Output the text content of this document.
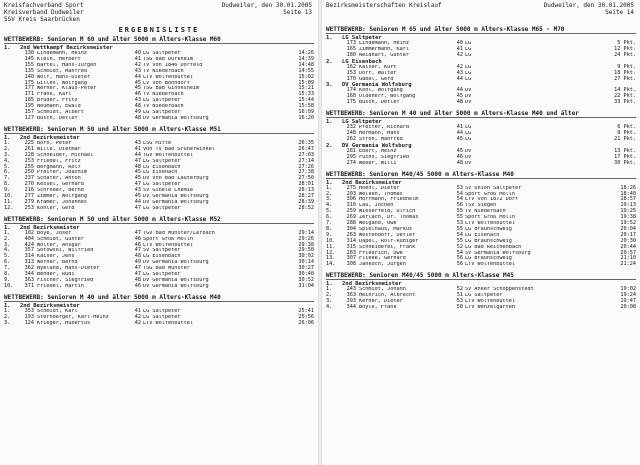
Kreisfachverband Sport
Kreisverband Dudweiler
SSV Kreis Saarbrücken
Dudweiler, den 30.01.2005
Seite 13
ERGEBNISLISTE
WETTBEWERB: Senioren M 60 und älter 5000 m Alters-Klasse M60
1.	2nd Wettkampf Bezirksmeister
130 Lindemann, Heinz	40 LG Saltpeter	14:26
145 Klein, Herbert	41 TSG Bad Dürkheim	14:39
155 Bartel, Hans-Jürgen	42 TV von 1846 Dorfeld	14:48
135 Schmidt, Manfred	43 TV Niederbach	14:55
140 Wolf, Hans-Dieter	44 LTV Wolfenbüttel	15:02
175 Gilles, Wolfgang	45 LV von Bonndorf	15:09
177 Werner, Klaus-Peter	45 TSG Bad Ginnesheim	15:21
171 Frank, Karl	46 TV Niederbach	15:33
185 Bruder, Fritz	43 LG Saltpeter	15:44
195 Neumann, Ewald	48 TV Niederbach	15:58
157 Schmidt, Albert	49 LG Saltpeter	16:09
127 Busch, Detlef	48 DV Germania Wolfsburg	16:20
WETTBEWERB: Senioren M 50 und älter 5000 m Alters-Klasse M51
1.	2nd Bezirksmeister
1.	225 Born, Peter	43 LSG Mitte	26:35
2.	261 Wille, Dietmar	41 von TV Bad Grünerwinkel	26:47
3.	228 Schneider, Michael	44 TGV Wolfenbüttel	27:03
4.	253 Friedel, Fritz	47 LG Saltpeter	27:14
5.	255 Bergmann, Rolf	48 LG Eisenbach	27:26
6.	250 Pfeifer, Joachim	45 LG Eisenach	27:38
7.	237 Schäfer, Anton	45 DV von Bad Lauterburg	27:50
8.	270 Kessel, Gerhard	47 LG Saltpeter	28:01
9.	216 Schröder, Bernd	43 SV Gibele Chemie	28:13
10.	277 Zimmer, Wolfgang	45 DV Germania Wolfsburg	28:27
11.	279 Kramer, Johannes	44 DV Germania Wolfsburg	28:39
12.	253 Köhler, Gerd	47 LG Saltpeter	28:52
WETTBEWERB: Senioren M 50 und älter 5000 m Alters-Klasse M52
1.	2nd Bezirksmeister
1.	102 Boyé, Josef	47 TGV Bad Münster/Lerbach	29:14
2.	404 Schmidt, Günter	46 Sport Groß Mölln	29:26
3.	424 Wolter, Ansgar	46 LTV Wolfenbüttel	29:38
4.	357 Sotowski, Wilfried	47 SV Saltpeter	29:50
5.	314 Kaiser, Jens	48 LG Eisenbach	30:02
6.	313 Werner, Bernd	49 DV Germania Wolfsburg	30:14
7.	362 Nyeland, Hans-Dieter	47 TSG Bad Münster	30:27
8.	344 Bender, Rudi	47 LG Saltpeter	30:40
9.	363 Fischer, Siegfried	48 DV Germania Wolfsburg	30:52
10.	371 Friedel, Martin	46 DV Germania Wolfsburg	31:04
WETTBEWERB: Senioren M 40 und älter 5000 m Alters-Klasse M40
1.	2nd Bezirksmeister
1.	353 Schmidt, Karl	41 LG Saltpeter	25:41
2.	193 Sternberger, Karl-Heinz	42 LG Saltpeter	25:56
3.	124 Krieger, Hubertus	42 LTV Wolfenbüttel	26:06
Bezirksmeisterschaften Kreislauf	Dudweiler, den 30.01.2005
Seite 14
WETTBEWERB: Senioren M 65 und älter 5000 m Alters-Klasse M65 - M70
1.	LG Saltpeter
173 Lindemann, Heinz	40 LG	5 Pkt.
165 Zimmermann, Karl	41 LG	12 Pkt.
180 Neidhart, Günter	42 LG	24 Pkt.
2.	LG Eisenbach
162 Kaiser, Kurt	42 LG	9 Pkt.
153 Dörr, Walter	43 LG	18 Pkt.
170 Gabel, Gerd	44 LG	27 Pkt.
3.	DV Germania Wolfsburg
174 Kohl, Wolfgang	44 DV	14 Pkt.
168 Oldeherr, Wolfgang	45 DV	22 Pkt.
175 Busch, Detlef	48 DV	33 Pkt.
WETTBEWERB: Senioren M 40 und älter 5000 m Alters-Klasse M40 und älter
1.	LG Saltpeter
232 Pfeifer, Richard	41 LG	6 Pkt.
248 Hermann, Hans	44 LG	9 Pkt.
262 Stroh, Manfred	45 LG	21 Pkt.
2.	DV Germania Wolfsburg
281 Ebert, Heinz	45 DV	13 Pkt.
295 Fuchs, Siegfried	46 DV	17 Pkt.
274 Weber, Willi	48 DV	30 Pkt.
WETTBEWERB: Senioren M40/45 5000 m Alters-Klasse M40
1.	2nd Bezirksmeister
1.	275 Hoehl, Dieter	53 SV Union Saltpeter	18:26
2.	203 Welken, Thomas	54 Sport Groß Mölln	18:40
3.	306 Hoffmann, Friedhelm	54 LTV von 1872 Dorf	18:57
4.	310 Lau, Jochen	56 TSV Siegen	19:13
5.	259 Wieserfeld, Ulrich	55 TV Niederbach	19:25
6.	269 Zerlach, Dr. Thomas	55 Sport Groß Mölln	19:38
7.	288 Weigand, Uwe	53 LTV Wolfenbüttel	19:52
8.	304 Spielhaus, Markus	55 LG Braunschweig	20:04
9.	263 Westendorf, Detlef	54 LG Eisenach	20:17
10.	314 Dapel, Rolf-Rüdiger	55 LG Braunschweig	20:30
11.	315 Schneiderei, Frank	52 LG Bad Reichenbach	20:44
12.	283 Friedrich, Uwe	54 SV Germania Wolfsburg	20:57
13.	307 Flieke, Gerhard	56 LG Braunschweig	21:10
14.	308 Jankoch, Jürgen	56 LTV Wolfenbüttel	21:24
WETTBEWERB: Senioren M40/45 5000 m Alters-Klasse M45
1.	2nd Bezirksmeister
1.	243 Schmidt, Johann	52 SV Anker Schöppenstedt	19:02
2.	363 Heinrich, Albrecht	51 LG Saltpeter	19:24
3.	393 Kerner, Dieter	53 LTV Wolfenbüttel	19:47
4.	344 Boyle, Frank	50 LTV Wenzelgarten	20:08
